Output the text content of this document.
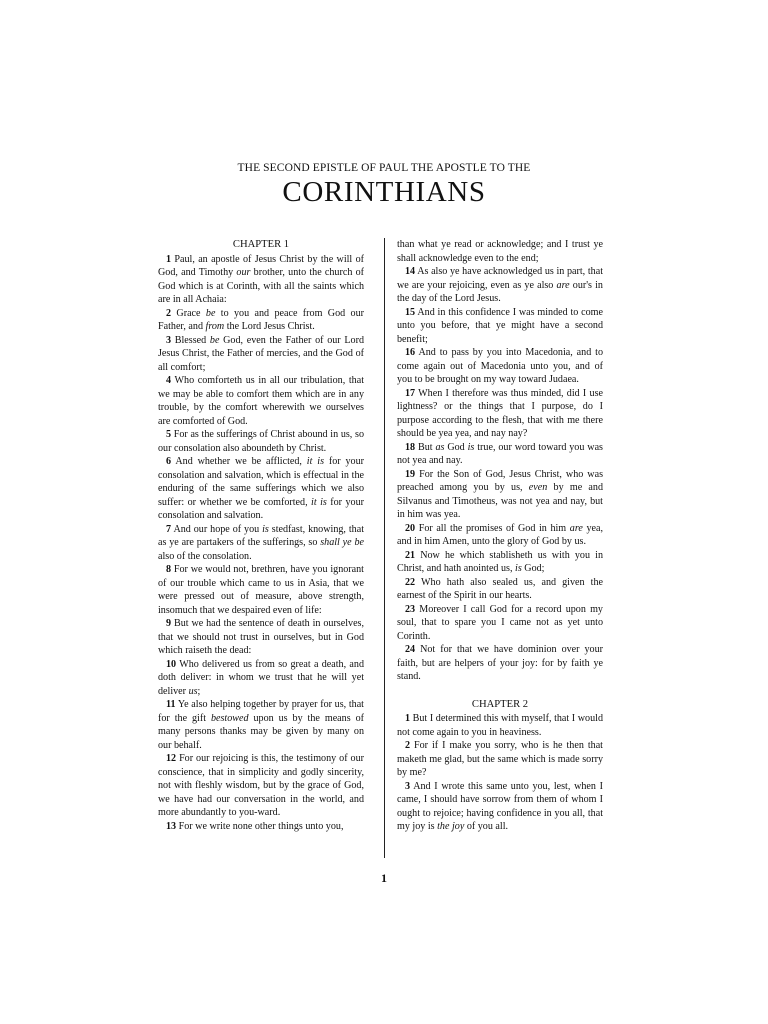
THE SECOND EPISTLE OF PAUL THE APOSTLE TO THE
CORINTHIANS
CHAPTER 1

1 Paul, an apostle of Jesus Christ by the will of God, and Timothy our brother, unto the church of God which is at Corinth, with all the saints which are in all Achaia:

2 Grace be to you and peace from God our Father, and from the Lord Jesus Christ.

3 Blessed be God, even the Father of our Lord Jesus Christ, the Father of mercies, and the God of all comfort;

4 Who comforteth us in all our tribulation, that we may be able to comfort them which are in any trouble, by the comfort wherewith we ourselves are comforted of God.

5 For as the sufferings of Christ abound in us, so our consolation also aboundeth by Christ.

6 And whether we be afflicted, it is for your consolation and salvation, which is effectual in the enduring of the same sufferings which we also suffer: or whether we be comforted, it is for your consolation and salvation.

7 And our hope of you is stedfast, knowing, that as ye are partakers of the sufferings, so shall ye be also of the consolation.

8 For we would not, brethren, have you ignorant of our trouble which came to us in Asia, that we were pressed out of measure, above strength, insomuch that we despaired even of life:

9 But we had the sentence of death in ourselves, that we should not trust in ourselves, but in God which raiseth the dead:

10 Who delivered us from so great a death, and doth deliver: in whom we trust that he will yet deliver us;

11 Ye also helping together by prayer for us, that for the gift bestowed upon us by the means of many persons thanks may be given by many on our behalf.

12 For our rejoicing is this, the testimony of our conscience, that in simplicity and godly sincerity, not with fleshly wisdom, but by the grace of God, we have had our conversation in the world, and more abundantly to you-ward.

13 For we write none other things unto you,

than what ye read or acknowledge; and I trust ye shall acknowledge even to the end;

14 As also ye have acknowledged us in part, that we are your rejoicing, even as ye also are our's in the day of the Lord Jesus.

15 And in this confidence I was minded to come unto you before, that ye might have a second benefit;

16 And to pass by you into Macedonia, and to come again out of Macedonia unto you, and of you to be brought on my way toward Judaea.

17 When I therefore was thus minded, did I use lightness? or the things that I purpose, do I purpose according to the flesh, that with me there should be yea yea, and nay nay?

18 But as God is true, our word toward you was not yea and nay.

19 For the Son of God, Jesus Christ, who was preached among you by us, even by me and Silvanus and Timotheus, was not yea and nay, but in him was yea.

20 For all the promises of God in him are yea, and in him Amen, unto the glory of God by us.

21 Now he which stablisheth us with you in Christ, and hath anointed us, is God;

22 Who hath also sealed us, and given the earnest of the Spirit in our hearts.

23 Moreover I call God for a record upon my soul, that to spare you I came not as yet unto Corinth.

24 Not for that we have dominion over your faith, but are helpers of your joy: for by faith ye stand.

CHAPTER 2

1 But I determined this with myself, that I would not come again to you in heaviness.

2 For if I make you sorry, who is he then that maketh me glad, but the same which is made sorry by me?

3 And I wrote this same unto you, lest, when I came, I should have sorrow from them of whom I ought to rejoice; having confidence in you all, that my joy is the joy of you all.

1
